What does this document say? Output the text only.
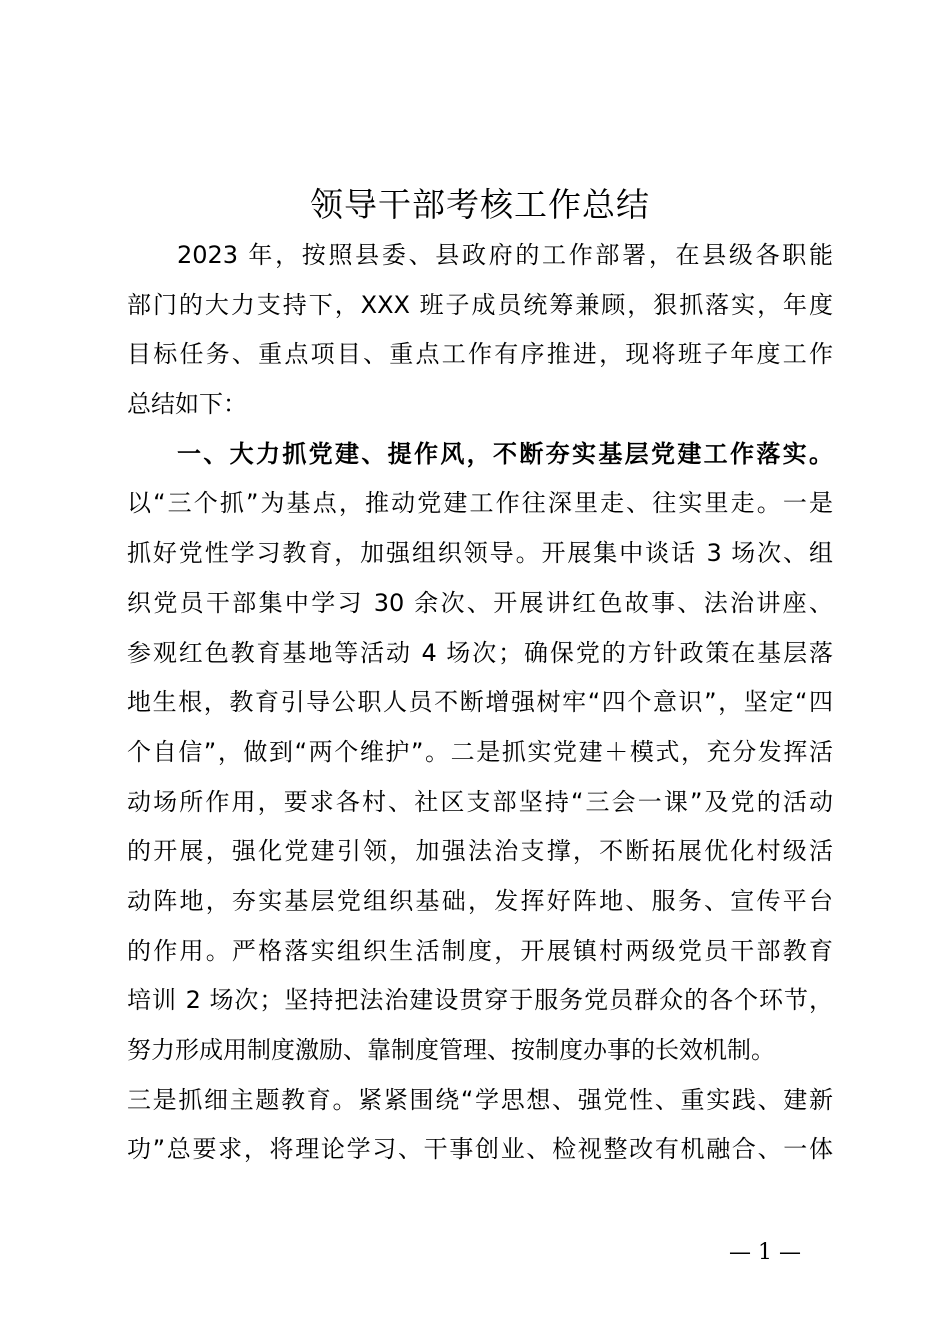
领导干部考核工作总结
2023 年，按照县委、县政府的工作部署，在县级各职能
部门的大力支持下，XXX 班子成员统筹兼顾，狠抓落实，年度
目标任务、重点项目、重点工作有序推进，现将班子年度工作
总结如下：
一、大力抓党建、提作风，不断夯实基层党建工作落实。
以“三个抓”为基点，推动党建工作往深里走、往实里走。一是
抓好党性学习教育，加强组织领导。开展集中谈话 3 场次、组
织党员干部集中学习 30 余次、开展讲红色故事、法治讲座、
参观红色教育基地等活动 4 场次；确保党的方针政策在基层落
地生根，教育引导公职人员不断增强树牢“四个意识”，坚定“四
个自信”，做到“两个维护”。二是抓实党建＋模式，充分发挥活
动场所作用，要求各村、社区支部坚持“三会一课”及党的活动
的开展，强化党建引领，加强法治支撑，不断拓展优化村级活
动阵地，夯实基层党组织基础，发挥好阵地、服务、宣传平台
的作用。严格落实组织生活制度，开展镇村两级党员干部教育
培训 2 场次；坚持把法治建设贯穿于服务党员群众的各个环节，
努力形成用制度激励、靠制度管理、按制度办事的长效机制。
三是抓细主题教育。紧紧围绕“学思想、强党性、重实践、建新
功”总要求，将理论学习、干事创业、检视整改有机融合、一体
— 1 —
